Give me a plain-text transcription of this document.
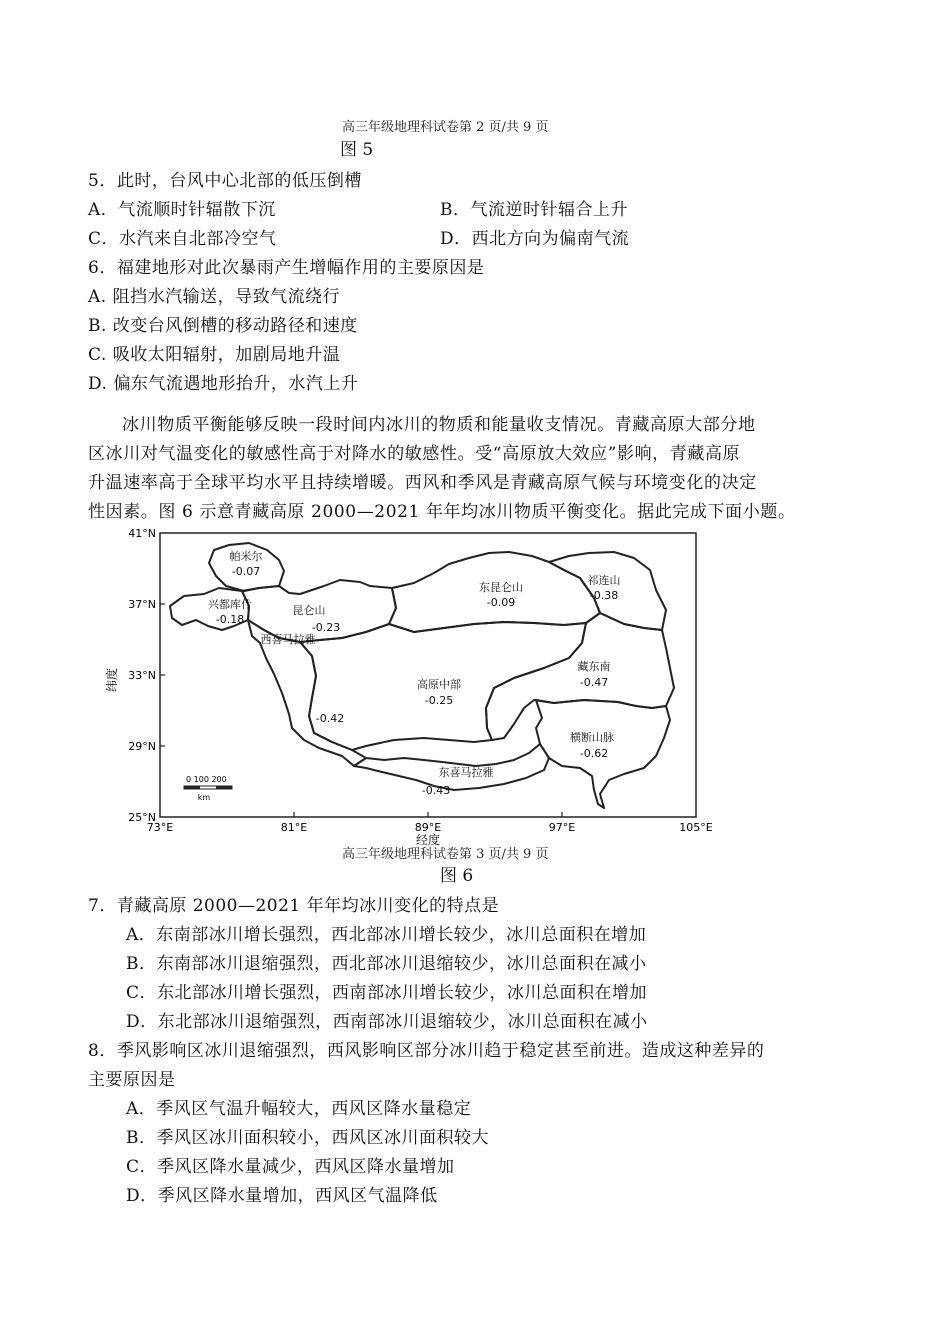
高三年级地理科试卷第 2 页/共 9 页
图 5
5．此时，台风中心北部的低压倒槽
A．气流顺时针辐散下沉	B．气流逆时针辐合上升
C．水汽来自北部冷空气	D．西北方向为偏南气流
6．福建地形对此次暴雨产生增幅作用的主要原因是
A. 阻挡水汽输送，导致气流绕行
B. 改变台风倒槽的移动路径和速度
C. 吸收太阳辐射，加剧局地升温
D. 偏东气流遇地形抬升，水汽上升
冰川物质平衡能够反映一段时间内冰川的物质和能量收支情况。青藏高原大部分地
区冰川对气温变化的敏感性高于对降水的敏感性。受“高原放大效应”影响，青藏高原
升温速率高于全球平均水平且持续增暖。西风和季风是青藏高原气候与环境变化的决定
性因素。图 6 示意青藏高原 2000—2021 年年均冰川物质平衡变化。据此完成下面小题。
41°N
37°N
33°N
29°N
25°N
73°E	81°E	89°E	97°E	105°E
纬度
经度
帕米尔
-0.07
兴都库什
-0.18
昆仑山
-0.23
西喜马拉雅
-0.42
东昆仑山
-0.09
祁连山
-0.38
高原中部
-0.25
藏东南
-0.47
横断山脉
-0.62
东喜马拉雅
-0.43
0 100 200
km
高三年级地理科试卷第 3 页/共 9 页
图 6
7．青藏高原 2000—2021 年年均冰川变化的特点是
A．东南部冰川增长强烈，西北部冰川增长较少，冰川总面积在增加
B．东南部冰川退缩强烈，西北部冰川退缩较少，冰川总面积在减小
C．东北部冰川增长强烈，西南部冰川增长较少，冰川总面积在增加
D．东北部冰川退缩强烈，西南部冰川退缩较少，冰川总面积在减小
8．季风影响区冰川退缩强烈，西风影响区部分冰川趋于稳定甚至前进。造成这种差异的
主要原因是
A．季风区气温升幅较大，西风区降水量稳定
B．季风区冰川面积较小，西风区冰川面积较大
C．季风区降水量减少，西风区降水量增加
D．季风区降水量增加，西风区气温降低
